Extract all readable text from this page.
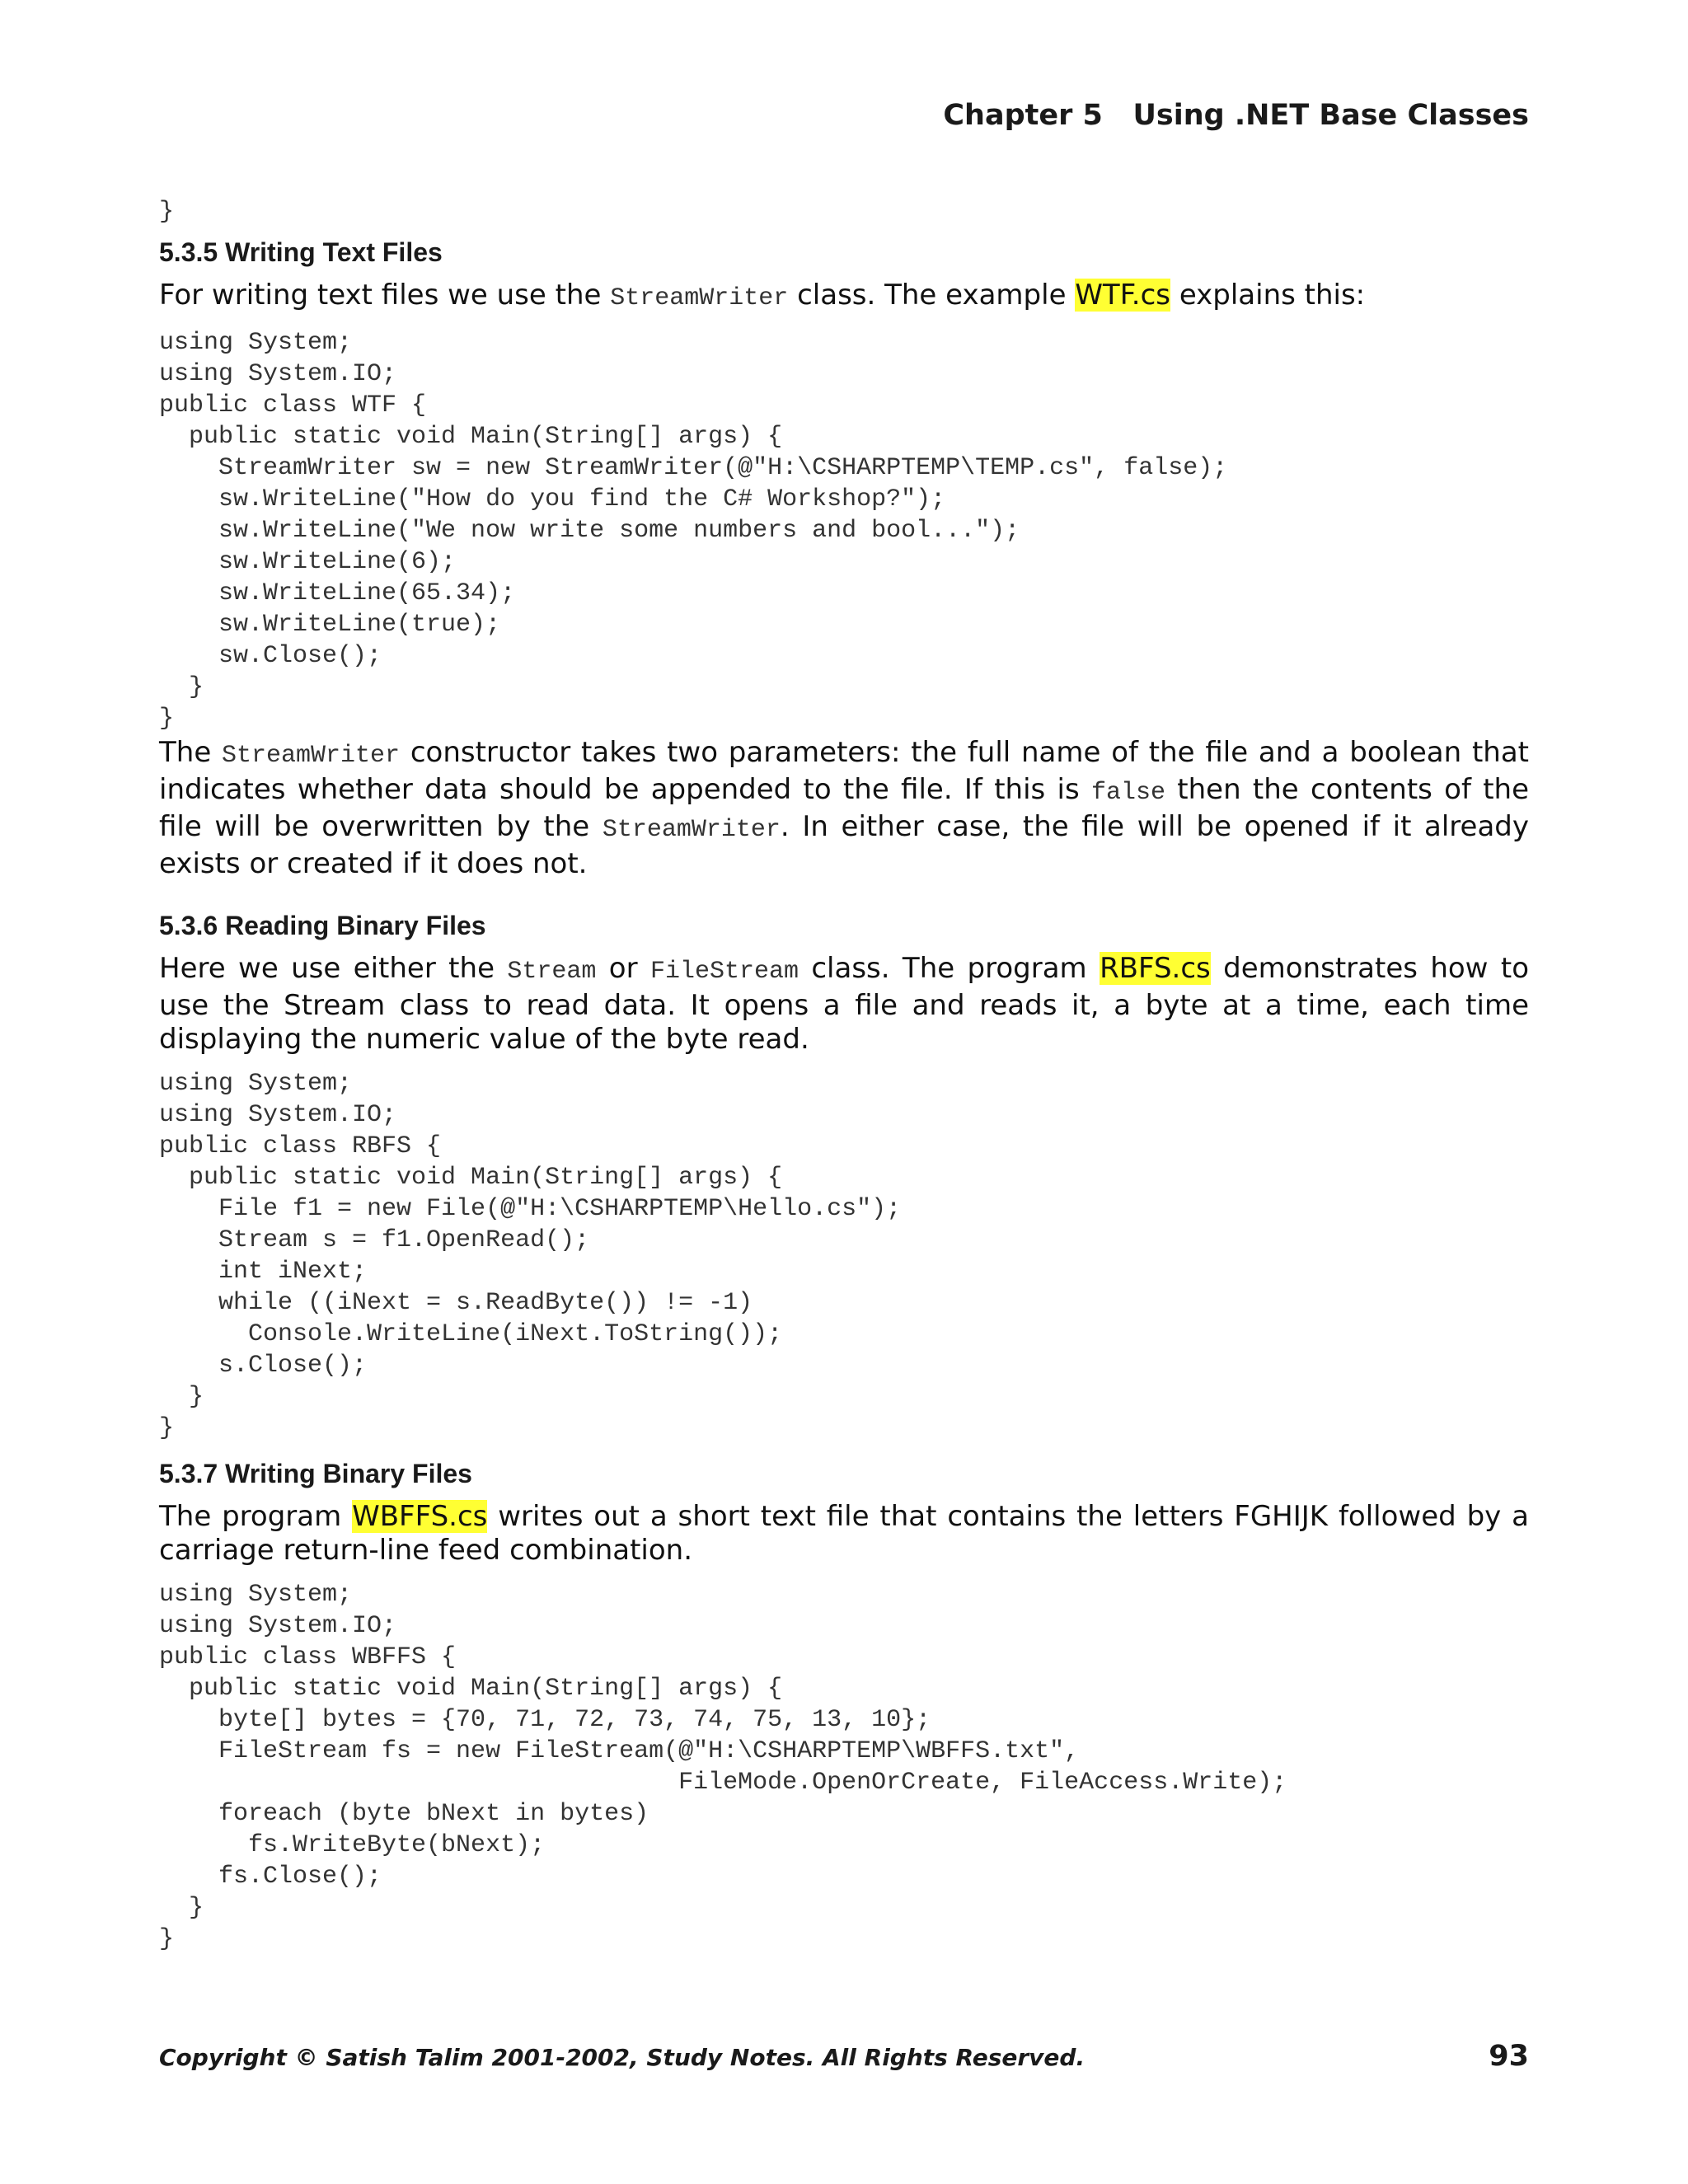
Chapter 5   Using .NET Base Classes
}
5.3.5 Writing Text Files

For writing text files we use the StreamWriter class. The example WTF.cs explains this:

using System;
using System.IO;
public class WTF {
public static void Main(String[] args) {
StreamWriter sw = new StreamWriter(@"H:\CSHARPTEMP\TEMP.cs", false);
sw.WriteLine("How do you find the C# Workshop?");
sw.WriteLine("We now write some numbers and bool...");
sw.WriteLine(6);
sw.WriteLine(65.34);
sw.WriteLine(true);
sw.Close();
}
}

The StreamWriter constructor takes two parameters: the full name of the file and a boolean that indicates whether data should be appended to the file. If this is false then the contents of the file will be overwritten by the StreamWriter. In either case, the file will be opened if it already exists or created if it does not.

5.3.6 Reading Binary Files

Here we use either the Stream or FileStream class. The program RBFS.cs demonstrates how to use the Stream class to read data. It opens a file and reads it, a byte at a time, each time displaying the numeric value of the byte read.

using System;
using System.IO;
public class RBFS {
public static void Main(String[] args) {
File f1 = new File(@"H:\CSHARPTEMP\Hello.cs");
Stream s = f1.OpenRead();
int iNext;
while ((iNext = s.ReadByte()) != -1)
Console.WriteLine(iNext.ToString());
s.Close();
}
}
5.3.7 Writing Binary Files

The program WBFFS.cs writes out a short text file that contains the letters FGHIJK followed by a carriage return-line feed combination.

using System;
using System.IO;
public class WBFFS {
public static void Main(String[] args) {
byte[] bytes = {70, 71, 72, 73, 74, 75, 13, 10};
FileStream fs = new FileStream(@"H:\CSHARPTEMP\WBFFS.txt",
FileMode.OpenOrCreate, FileAccess.Write);
foreach (byte bNext in bytes)
fs.WriteByte(bNext);
fs.Close();
}
}
Copyright © Satish Talim 2001-2002, Study Notes. All Rights Reserved.	93
